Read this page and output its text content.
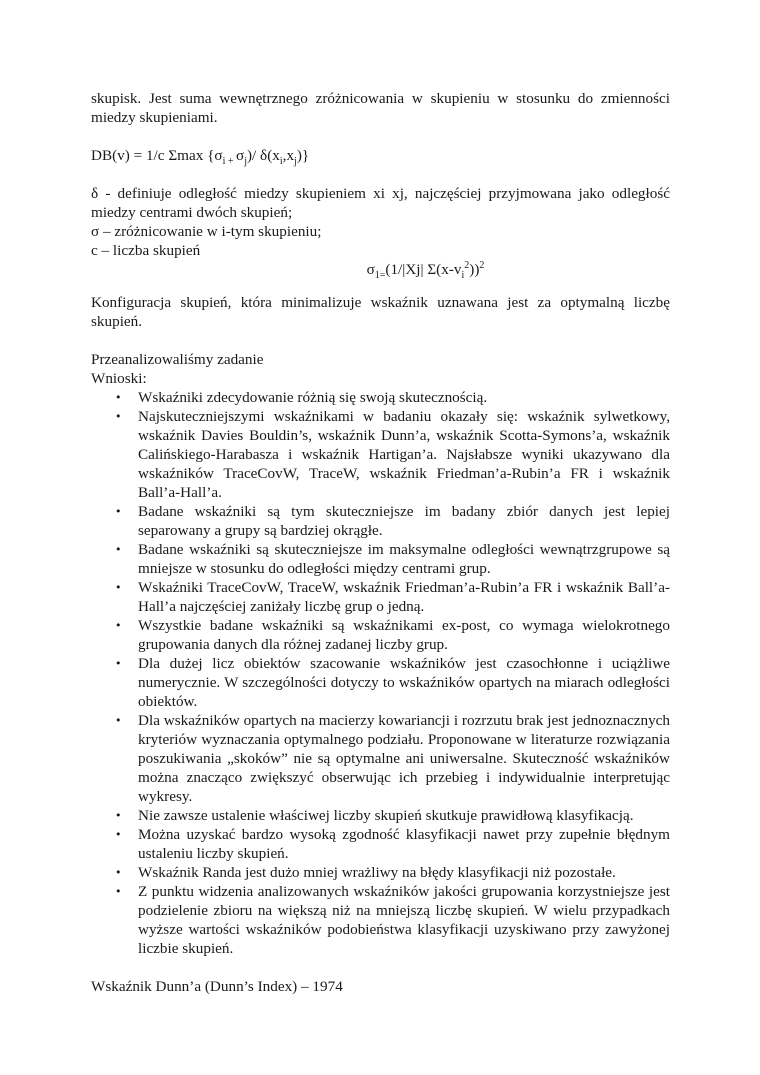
skupisk. Jest suma wewnętrznego zróżnicowania w skupieniu w stosunku do zmienności miedzy skupieniami.

DB(v) = 1/c Σmax {$\sigma_{i +}$ $\sigma_j)/$ $\delta(x_i,x_j)$}

δ - definiuje odległość miedzy skupieniem xi xj, najczęściej przyjmowana jako odległość miedzy centrami dwóch skupień;

σ – zróżnicowanie w i-tym skupieniu;

c – liczba skupień

$\sigma_{1=}(1/|Xj|$ $\Sigma(x-v_i^2))^2$

Konfiguracja skupień, która minimalizuje wskaźnik uznawana jest za optymalną liczbę skupień.

Przeanalizowaliśmy zadanie

Wnioski:

• Wskaźniki zdecydowanie różnią się swoją skutecznością.
• Najskuteczniejszymi wskaźnikami w badaniu okazały się: wskaźnik sylwetkowy, wskaźnik Davies Bouldin’s, wskaźnik Dunn’a, wskaźnik Scotta-Symons’a, wskaźnik Calińskiego-Harabasza i wskaźnik Hartigan’a. Najsłabsze wyniki ukazywano dla wskaźników TraceCovW, TraceW, wskaźnik Friedman’a-Rubin’a FR i wskaźnik Ball’a-Hall’a.
• Badane wskaźniki są tym skuteczniejsze im badany zbiór danych jest lepiej separowany a grupy są bardziej okrągłe.
• Badane wskaźniki są skuteczniejsze im maksymalne odległości wewnątrzgrupowe są mniejsze w stosunku do odległości między centrami grup.
• Wskaźniki TraceCovW, TraceW, wskaźnik Friedman’a-Rubin’a FR i wskaźnik Ball’a-Hall’a najczęściej zaniżały liczbę grup o jedną.
• Wszystkie badane wskaźniki są wskaźnikami ex-post, co wymaga wielokrotnego grupowania danych dla różnej zadanej liczby grup.
• Dla dużej licz obiektów szacowanie wskaźników jest czasochłonne i uciążliwe numerycznie. W szczególności dotyczy to wskaźników opartych na miarach odległości obiektów.
• Dla wskaźników opartych na macierzy kowariancji i rozrzutu brak jest jednoznacznych kryteriów wyznaczania optymalnego podziału. Proponowane w literaturze rozwiązania poszukiwania „skoków” nie są optymalne ani uniwersalne. Skuteczność wskaźników można znacząco zwiększyć obserwując ich przebieg i indywidualnie interpretując wykresy.
• Nie zawsze ustalenie właściwej liczby skupień skutkuje prawidłową klasyfikacją.
• Można uzyskać bardzo wysoką zgodność klasyfikacji nawet przy zupełnie błędnym ustaleniu liczby skupień.
• Wskaźnik Randa jest dużo mniej wrażliwy na błędy klasyfikacji niż pozostałe.
• Z punktu widzenia analizowanych wskaźników jakości grupowania korzystniejsze jest podzielenie zbioru na większą niż na mniejszą liczbę skupień. W wielu przypadkach wyższe wartości wskaźników podobieństwa klasyfikacji uzyskiwano przy zawyżonej liczbie skupień.

Wskaźnik Dunn’a (Dunn’s Index) – 1974
